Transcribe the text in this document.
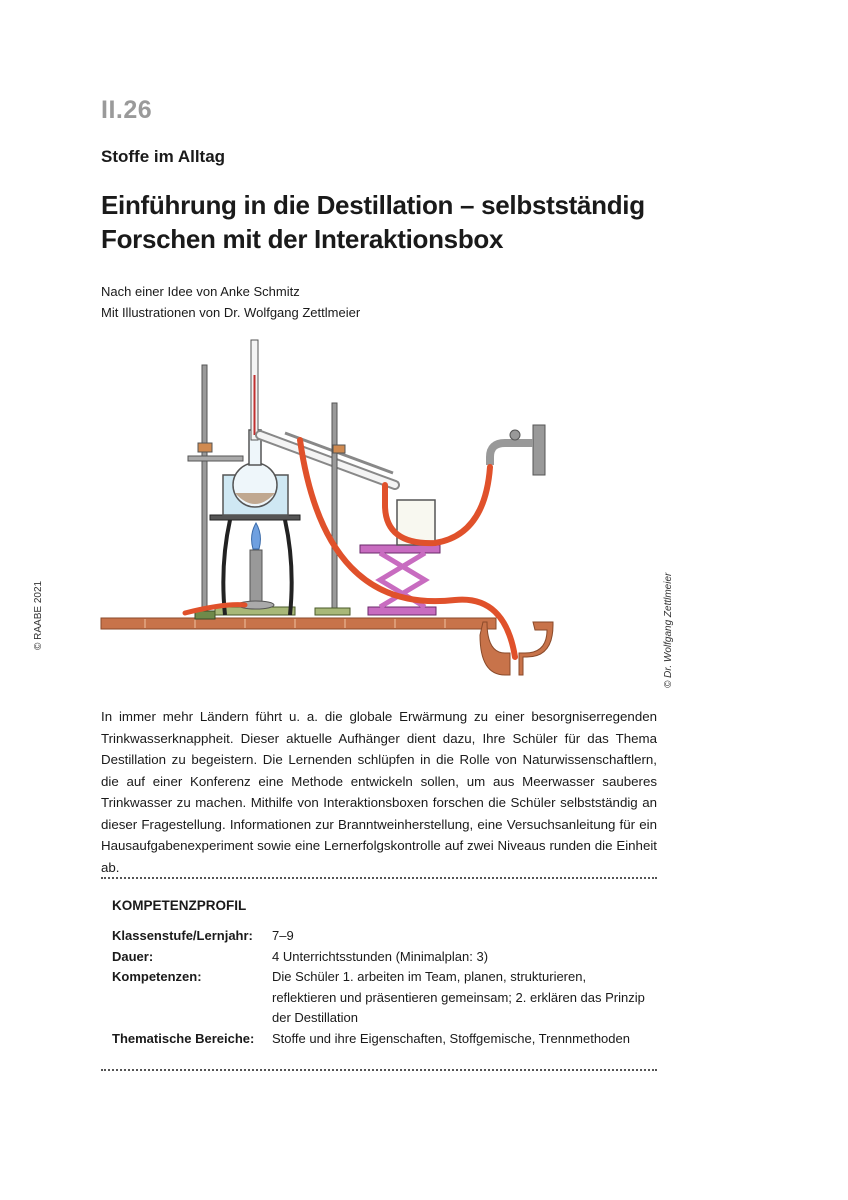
II.26
Stoffe im Alltag
Einführung in die Destillation – selbstständig Forschen mit der Interaktionsbox
Nach einer Idee von Anke Schmitz
Mit Illustrationen von Dr. Wolfgang Zettlmeier
© RAABE 2021	© Dr. Wolfgang Zettlmeier
In immer mehr Ländern führt u. a. die globale Erwärmung zu einer besorgniserregenden Trinkwasserknappheit. Dieser aktuelle Aufhänger dient dazu, Ihre Schüler für das Thema Destillation zu begeistern. Die Lernenden schlüpfen in die Rolle von Naturwissenschaftlern, die auf einer Konferenz eine Methode entwickeln sollen, um aus Meerwasser sauberes Trinkwasser zu machen. Mithilfe von Interaktionsboxen forschen die Schüler selbstständig an dieser Fragestellung. Informationen zur Branntweinherstellung, eine Versuchsanleitung für ein Hausaufgabenexperiment sowie eine Lernerfolgskontrolle auf zwei Niveaus runden die Einheit ab.
KOMPETENZPROFIL
Klassenstufe/Lernjahr:	7–9
Dauer:	4 Unterrichtsstunden (Minimalplan: 3)
Kompetenzen:	Die Schüler 1. arbeiten im Team, planen, strukturieren, reflektieren und präsentieren gemeinsam; 2. erklären das Prinzip der Destillation
Thematische Bereiche:	Stoffe und ihre Eigenschaften, Stoffgemische, Trennmethoden
